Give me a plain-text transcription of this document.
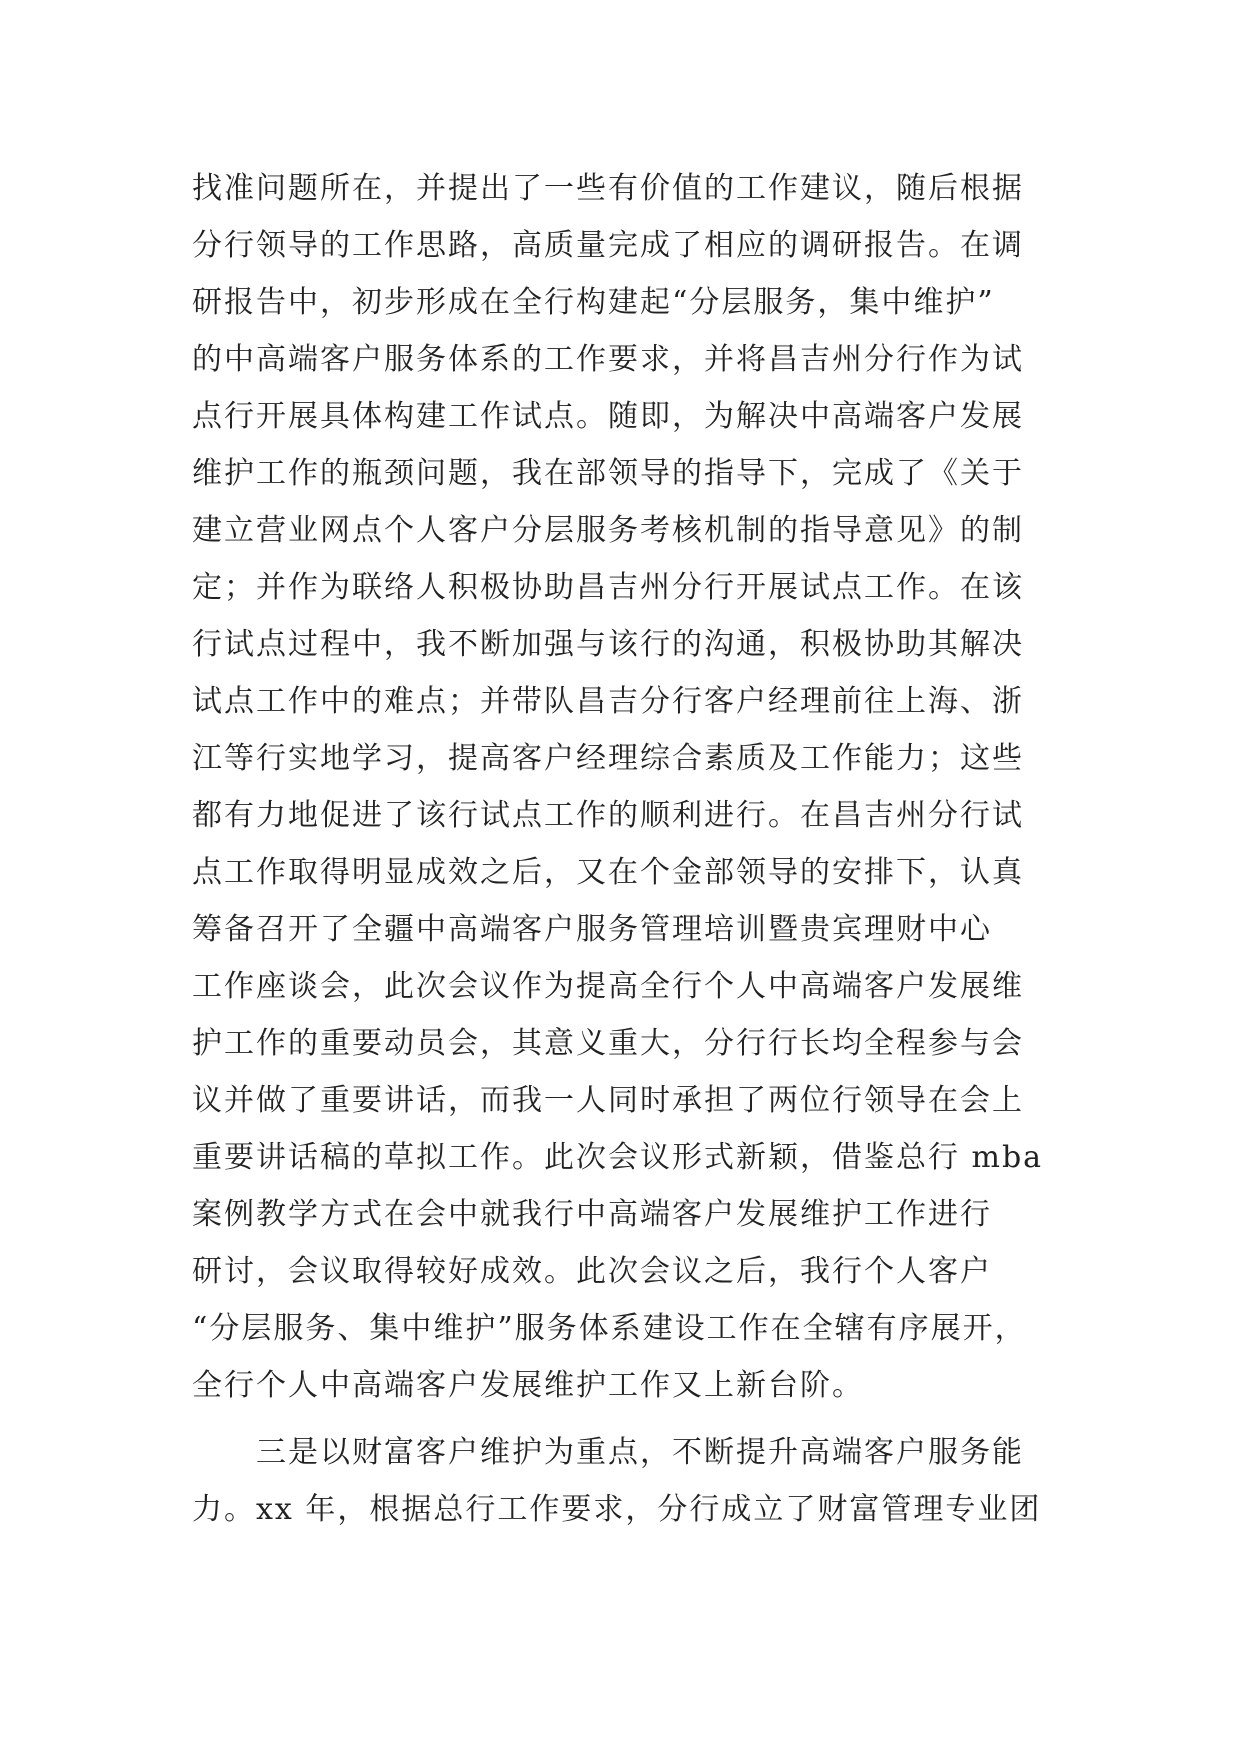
找准问题所在，并提出了一些有价值的工作建议，随后根据
分行领导的工作思路，高质量完成了相应的调研报告。在调
研报告中，初步形成在全行构建起“分层服务，集中维护”
的中高端客户服务体系的工作要求，并将昌吉州分行作为试
点行开展具体构建工作试点。随即，为解决中高端客户发展
维护工作的瓶颈问题，我在部领导的指导下，完成了《关于
建立营业网点个人客户分层服务考核机制的指导意见》的制
定；并作为联络人积极协助昌吉州分行开展试点工作。在该
行试点过程中，我不断加强与该行的沟通，积极协助其解决
试点工作中的难点；并带队昌吉分行客户经理前往上海、浙
江等行实地学习，提高客户经理综合素质及工作能力；这些
都有力地促进了该行试点工作的顺利进行。在昌吉州分行试
点工作取得明显成效之后，又在个金部领导的安排下，认真
筹备召开了全疆中高端客户服务管理培训暨贵宾理财中心
工作座谈会，此次会议作为提高全行个人中高端客户发展维
护工作的重要动员会，其意义重大，分行行长均全程参与会
议并做了重要讲话，而我一人同时承担了两位行领导在会上
重要讲话稿的草拟工作。此次会议形式新颖，借鉴总行 mba
案例教学方式在会中就我行中高端客户发展维护工作进行
研讨，会议取得较好成效。此次会议之后，我行个人客户
“分层服务、集中维护”服务体系建设工作在全辖有序展开，
全行个人中高端客户发展维护工作又上新台阶。
三是以财富客户维护为重点，不断提升高端客户服务能
力。xx 年，根据总行工作要求，分行成立了财富管理专业团
